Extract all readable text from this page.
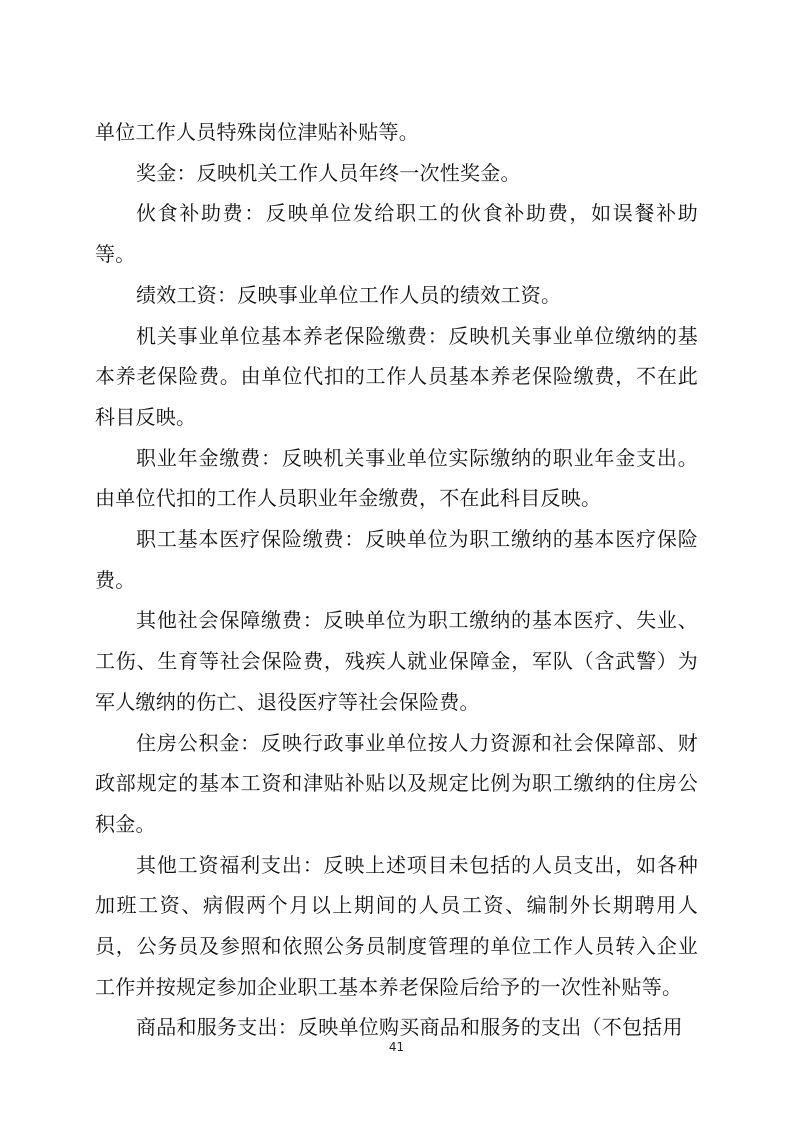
单位工作人员特殊岗位津贴补贴等。

奖金：反映机关工作人员年终一次性奖金。

伙食补助费：反映单位发给职工的伙食补助费，如误餐补助等。

绩效工资：反映事业单位工作人员的绩效工资。

机关事业单位基本养老保险缴费：反映机关事业单位缴纳的基本养老保险费。由单位代扣的工作人员基本养老保险缴费，不在此科目反映。

职业年金缴费：反映机关事业单位实际缴纳的职业年金支出。由单位代扣的工作人员职业年金缴费，不在此科目反映。

职工基本医疗保险缴费：反映单位为职工缴纳的基本医疗保险费。

其他社会保障缴费：反映单位为职工缴纳的基本医疗、失业、工伤、生育等社会保险费，残疾人就业保障金，军队（含武警）为军人缴纳的伤亡、退役医疗等社会保险费。

住房公积金：反映行政事业单位按人力资源和社会保障部、财政部规定的基本工资和津贴补贴以及规定比例为职工缴纳的住房公积金。

其他工资福利支出：反映上述项目未包括的人员支出，如各种加班工资、病假两个月以上期间的人员工资、编制外长期聘用人员，公务员及参照和依照公务员制度管理的单位工作人员转入企业工作并按规定参加企业职工基本养老保险后给予的一次性补贴等。

商品和服务支出：反映单位购买商品和服务的支出（不包括用

41
